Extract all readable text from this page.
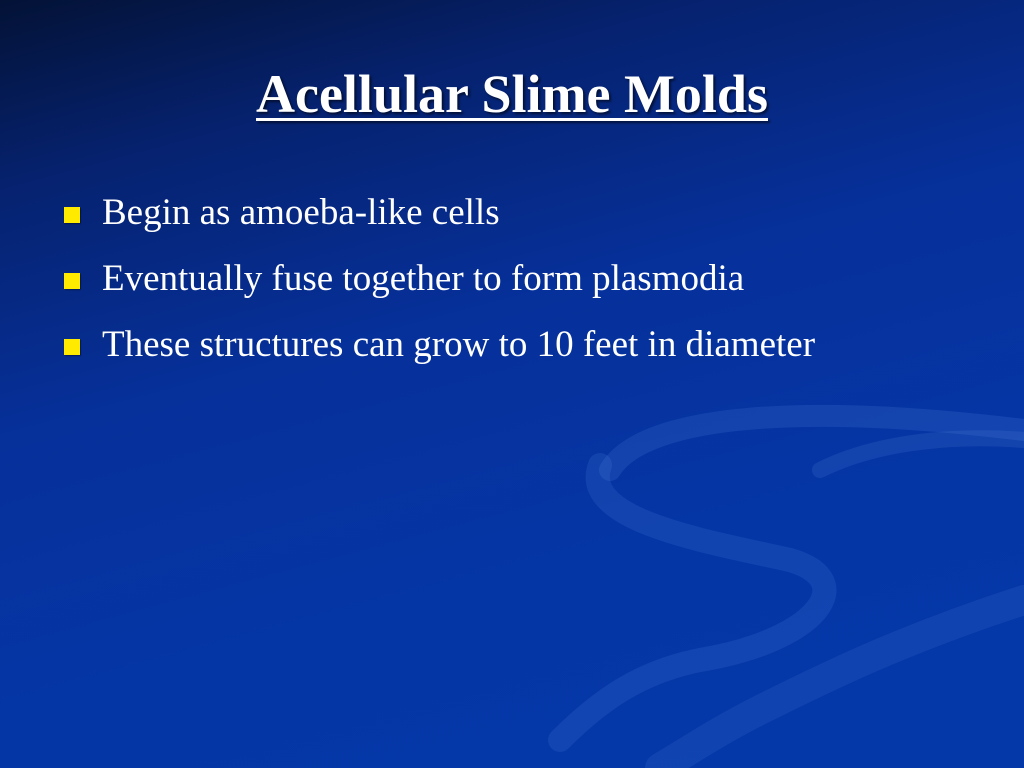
Acellular Slime Molds
Begin as amoeba-like cells
Eventually fuse together to form plasmodia
These structures can grow to 10 feet in diameter
